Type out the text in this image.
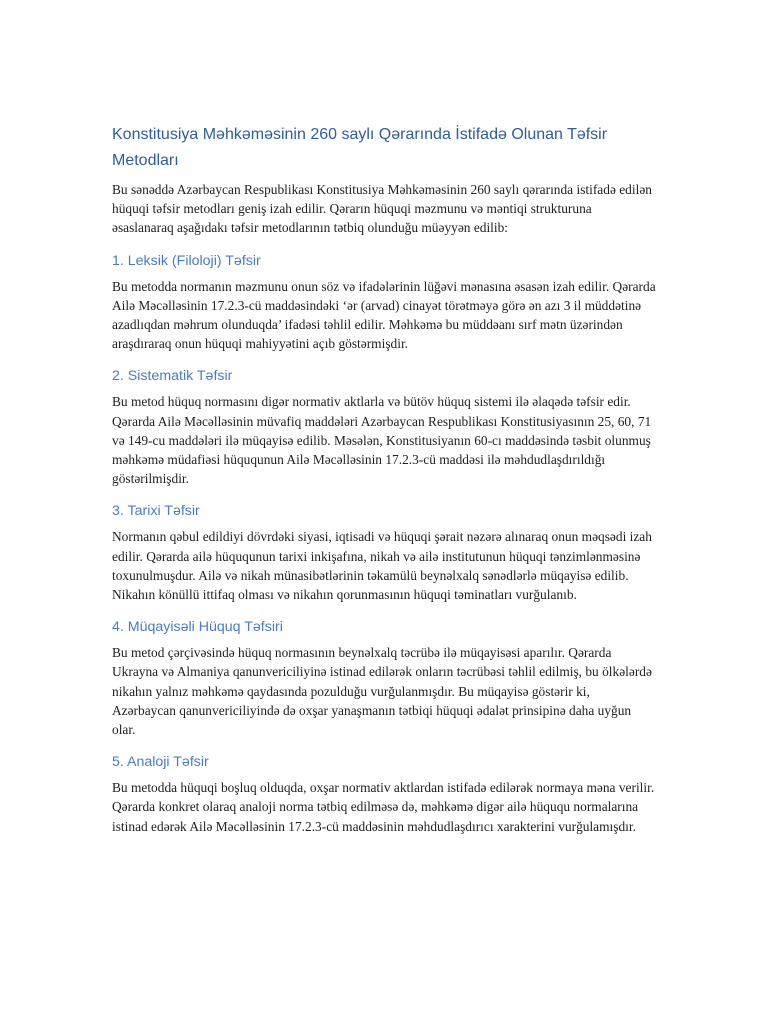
Konstitusiya Məhkəməsinin 260 saylı Qərarında İstifadə Olunan Təfsir Metodları

Bu sənəddə Azərbaycan Respublikası Konstitusiya Məhkəməsinin 260 saylı qərarında istifadə edilən hüquqi təfsir metodları geniş izah edilir. Qərarın hüquqi məzmunu və məntiqi strukturuna əsaslanaraq aşağıdakı təfsir metodlarının tətbiq olunduğu müəyyən edilib:

1. Leksik (Filoloji) Təfsir

Bu metodda normanın məzmunu onun söz və ifadələrinin lüğəvi mənasına əsasən izah edilir. Qərarda Ailə Məcəlləsinin 17.2.3-cü maddəsindəki ‘ər (arvad) cinayət törətməyə görə ən azı 3 il müddətinə azadlıqdan məhrum olunduqda’ ifadəsi təhlil edilir. Məhkəmə bu müddəanı sırf mətn üzərindən araşdıraraq onun hüquqi mahiyyətini açıb göstərmişdir.

2. Sistematik Təfsir

Bu metod hüquq normasını digər normativ aktlarla və bütöv hüquq sistemi ilə əlaqədə təfsir edir. Qərarda Ailə Məcəlləsinin müvafiq maddələri Azərbaycan Respublikası Konstitusiyasının 25, 60, 71 və 149-cu maddələri ilə müqayisə edilib. Məsələn, Konstitusiyanın 60-cı maddəsində təsbit olunmuş məhkəmə müdafiəsi hüququnun Ailə Məcəlləsinin 17.2.3-cü maddəsi ilə məhdudlaşdırıldığı göstərilmişdir.

3. Tarixi Təfsir

Normanın qəbul edildiyi dövrdəki siyasi, iqtisadi və hüquqi şərait nəzərə alınaraq onun məqsədi izah edilir. Qərarda ailə hüququnun tarixi inkişafına, nikah və ailə institutunun hüquqi tənzimlənməsinə toxunulmuşdur. Ailə və nikah münasibətlərinin təkamülü beynəlxalq sənədlərlə müqayisə edilib. Nikahın könüllü ittifaq olması və nikahın qorunmasının hüquqi təminatları vurğulanıb.

4. Müqayisəli Hüquq Təfsiri

Bu metod çərçivəsində hüquq normasının beynəlxalq təcrübə ilə müqayisəsi aparılır. Qərarda Ukrayna və Almaniya qanunvericiliyinə istinad edilərək onların təcrübəsi təhlil edilmiş, bu ölkələrdə nikahın yalnız məhkəmə qaydasında pozulduğu vurğulanmışdır. Bu müqayisə göstərir ki, Azərbaycan qanunvericiliyində də oxşar yanaşmanın tətbiqi hüquqi ədalət prinsipinə daha uyğun olar.

5. Analoji Təfsir

Bu metodda hüquqi boşluq olduqda, oxşar normativ aktlardan istifadə edilərək normaya məna verilir. Qərarda konkret olaraq analoji norma tətbiq edilməsə də, məhkəmə digər ailə hüququ normalarına istinad edərək Ailə Məcəlləsinin 17.2.3-cü maddəsinin məhdudlaşdırıcı xarakterini vurğulamışdır.
